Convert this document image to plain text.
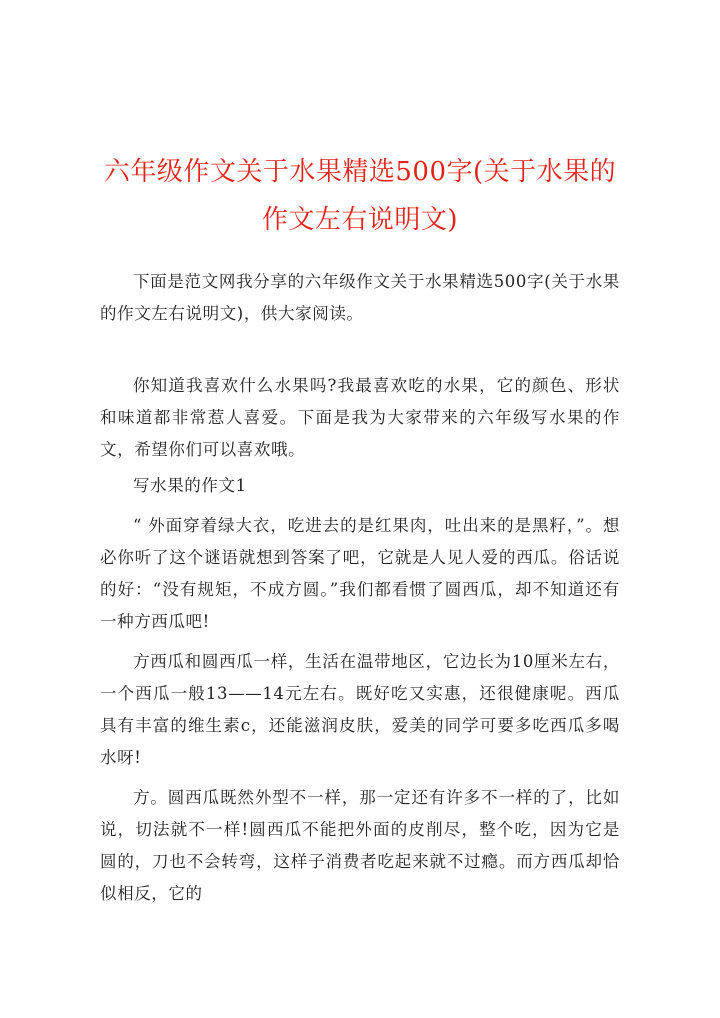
六年级作文关于水果精选500字(关于水果的
作文左右说明文)

下面是范文网我分享的六年级作文关于水果精选500字(关于水果的作文左右说明文)，供大家阅读。

你知道我喜欢什么水果吗?我最喜欢吃的水果，它的颜色、形状和味道都非常惹人喜爱。下面是我为大家带来的六年级写水果的作文，希望你们可以喜欢哦。

写水果的作文1

“ 外面穿着绿大衣，吃进去的是红果肉，吐出来的是黑籽，”。想必你听了这个谜语就想到答案了吧，它就是人见人爱的西瓜。俗话说的好：“没有规矩，不成方圆。”我们都看惯了圆西瓜，却不知道还有一种方西瓜吧!

方西瓜和圆西瓜一样，生活在温带地区，它边长为10厘米左右，一个西瓜一般13——14元左右。既好吃又实惠，还很健康呢。西瓜具有丰富的维生素c，还能滋润皮肤，爱美的同学可要多吃西瓜多喝水呀!

方。圆西瓜既然外型不一样，那一定还有许多不一样的了，比如说，切法就不一样!圆西瓜不能把外面的皮削尽，整个吃，因为它是圆的，刀也不会转弯，这样子消费者吃起来就不过瘾。而方西瓜却恰似相反，它的
